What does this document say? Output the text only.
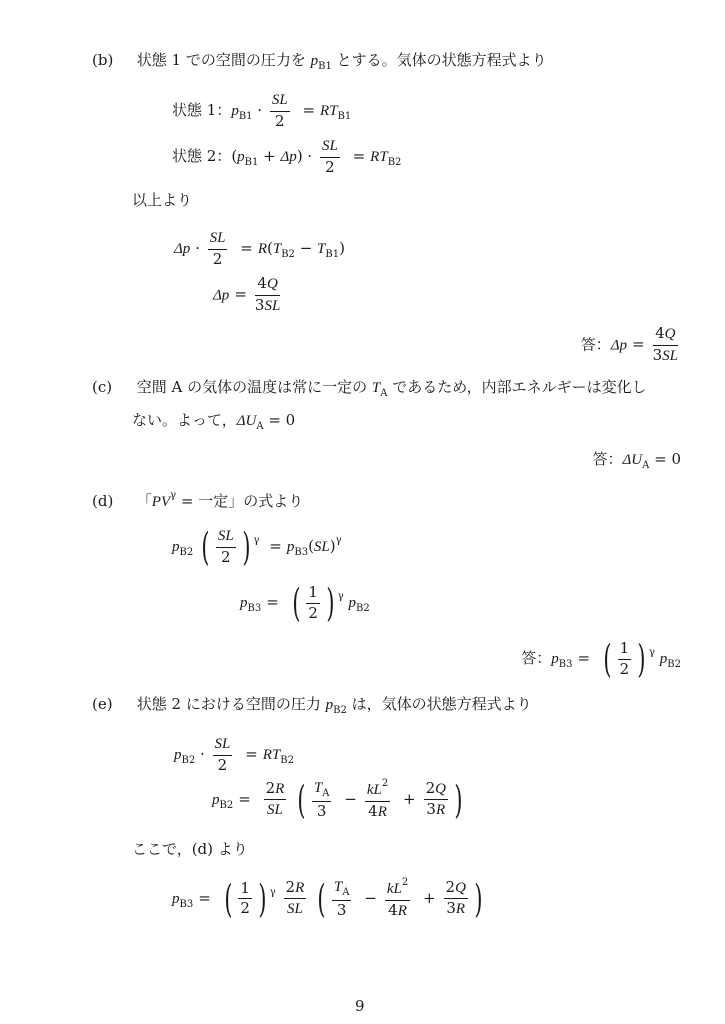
(b) 状態 1 での空間の圧力を $p_{B1}$ とする。気体の状態方程式より
状態 1：$p_{B1} \cdot \frac{SL}{2} = RT_{B1}$
状態 2：$(p_{B1} + \Delta p) \cdot \frac{SL}{2} = RT_{B2}$
以上より
$\Delta p \cdot \frac{SL}{2} = R(T_{B2} - T_{B1})$
$\Delta p = \frac{4Q}{3SL}$
答：$\Delta p = \frac{4Q}{3SL}$
(c) 空間 A の気体の温度は常に一定の $T_A$ であるため，内部エネルギーは変化し
ない。よって，$\Delta U_A = 0$
答：$\Delta U_A = 0$
(d) 「$PV^\gamma$ = 一定」の式より
$p_{B2}$ ( $\frac{SL}{2}$ ) $^\gamma = p_{B3}(SL)^\gamma$
$p_{B3}$ = ( $\frac{1}{2}$ ) $^\gamma$ $p_{B2}$
答：$p_{B3}$ = ( $\frac{1}{2}$ ) $^\gamma$ $p_{B2}$
(e) 状態 2 における空間の圧力 $p_{B2}$ は，気体の状態方程式より
$p_{B2} \cdot \frac{SL}{2} = RT_{B2}$
$p_{B2} = \frac{2R}{SL}$ ( $\frac{T_A}{3} - \frac{kL^2}{4R} + \frac{2Q}{3R}$ )
ここで，(d) より
$p_{B3}$ = ( $\frac{1}{2}$ ) $^\gamma \frac{2R}{SL}$ ( $\frac{T_A}{3} - \frac{kL^2}{4R} + \frac{2Q}{3R}$ )
9
